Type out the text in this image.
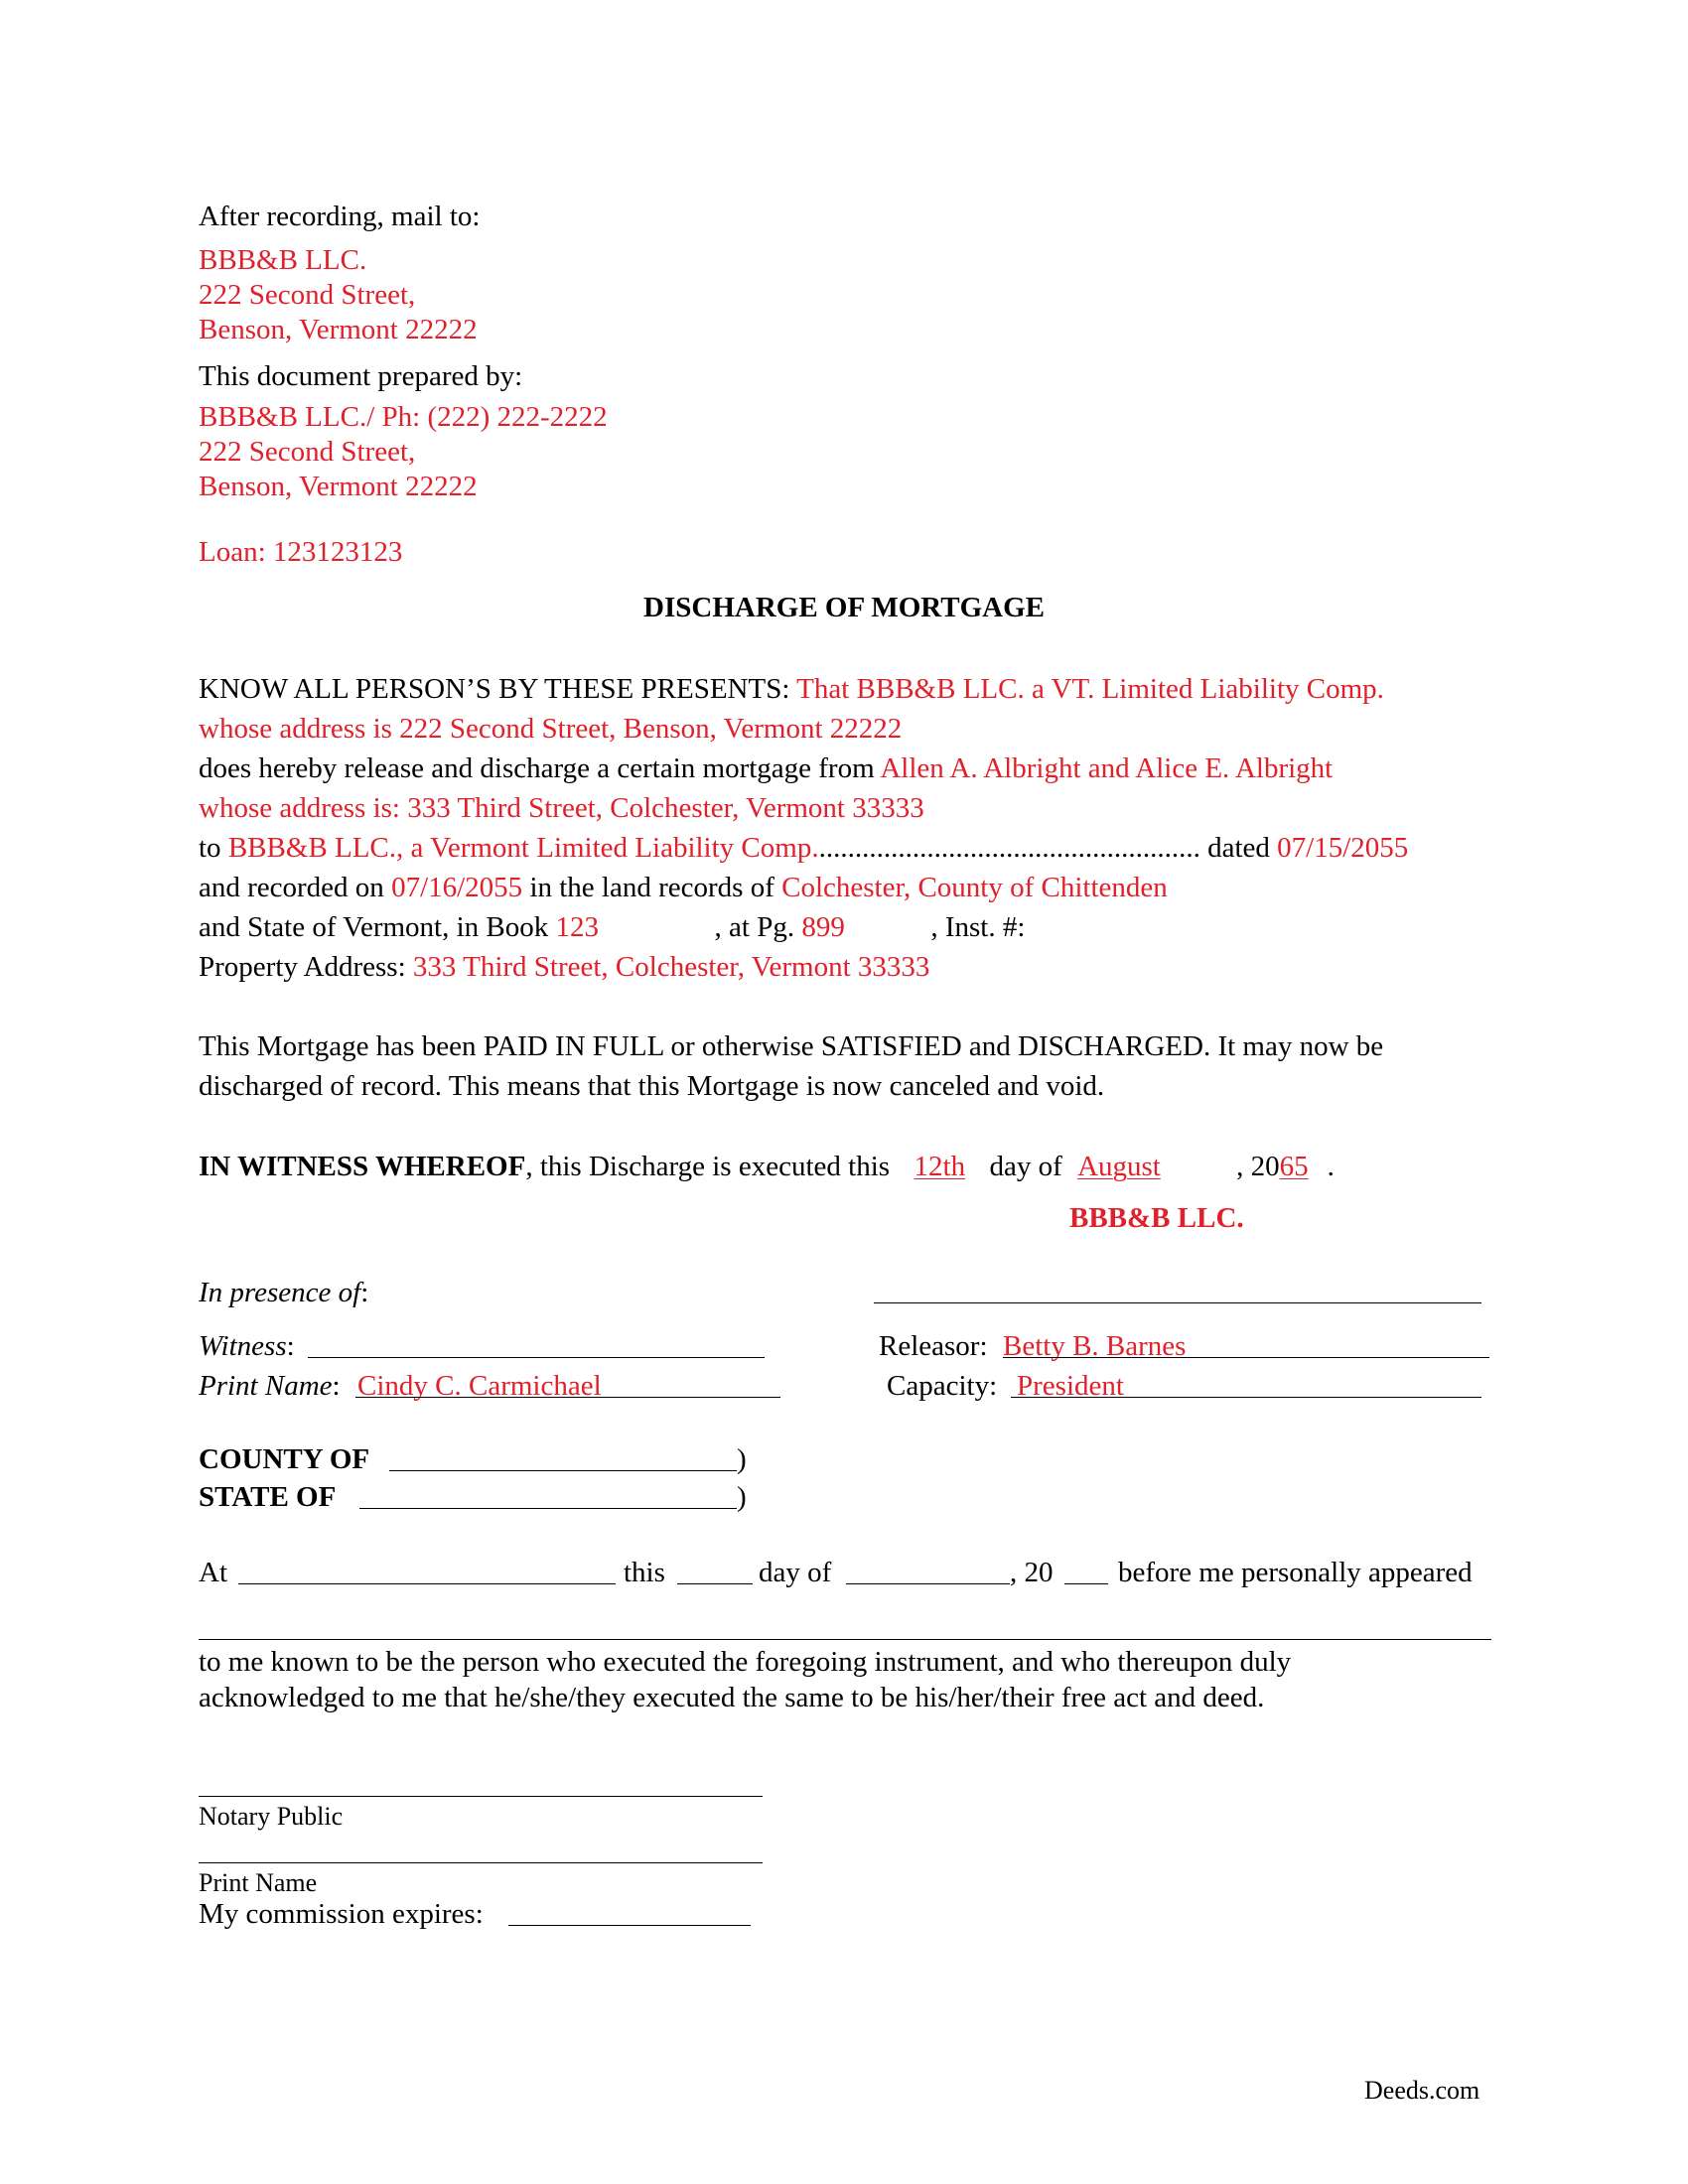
After recording, mail to:
BBB&B LLC.
222 Second Street,
Benson, Vermont 22222
This document prepared by:
BBB&B LLC./ Ph: (222) 222-2222
222 Second Street,
Benson, Vermont 22222
Loan: 123123123
DISCHARGE OF MORTGAGE
KNOW ALL PERSON’S BY THESE PRESENTS: That BBB&B LLC. a VT. Limited Liability Comp.
whose address is 222 Second Street, Benson, Vermont 22222
does hereby release and discharge a certain mortgage from Allen A. Albright and Alice E. Albright
whose address is: 333 Third Street, Colchester, Vermont 33333
to BBB&B LLC., a Vermont Limited Liability Comp...................................................... dated 07/15/2055
and recorded on 07/16/2055 in the land records of Colchester, County of Chittenden
and State of Vermont, in Book 123	, at Pg. 899	, Inst. #:
Property Address: 333 Third Street, Colchester, Vermont 33333
This Mortgage has been PAID IN FULL or otherwise SATISFIED and DISCHARGED. It may now be
discharged of record. This means that this Mortgage is now canceled and void.
IN WITNESS WHEREOF, this Discharge is executed this 12th day of August	, 2065 .
BBB&B LLC.
In presence of:
Witness:	Releasor: Betty B. Barnes
Print Name: Cindy C. Carmichael	Capacity: President
COUNTY OF	)
STATE OF	)
At	this	day of	, 20 before me personally appeared
to me known to be the person who executed the foregoing instrument, and who thereupon duly
acknowledged to me that he/she/they executed the same to be his/her/their free act and deed.
Notary Public
Print Name
My commission expires:
Deeds.com
